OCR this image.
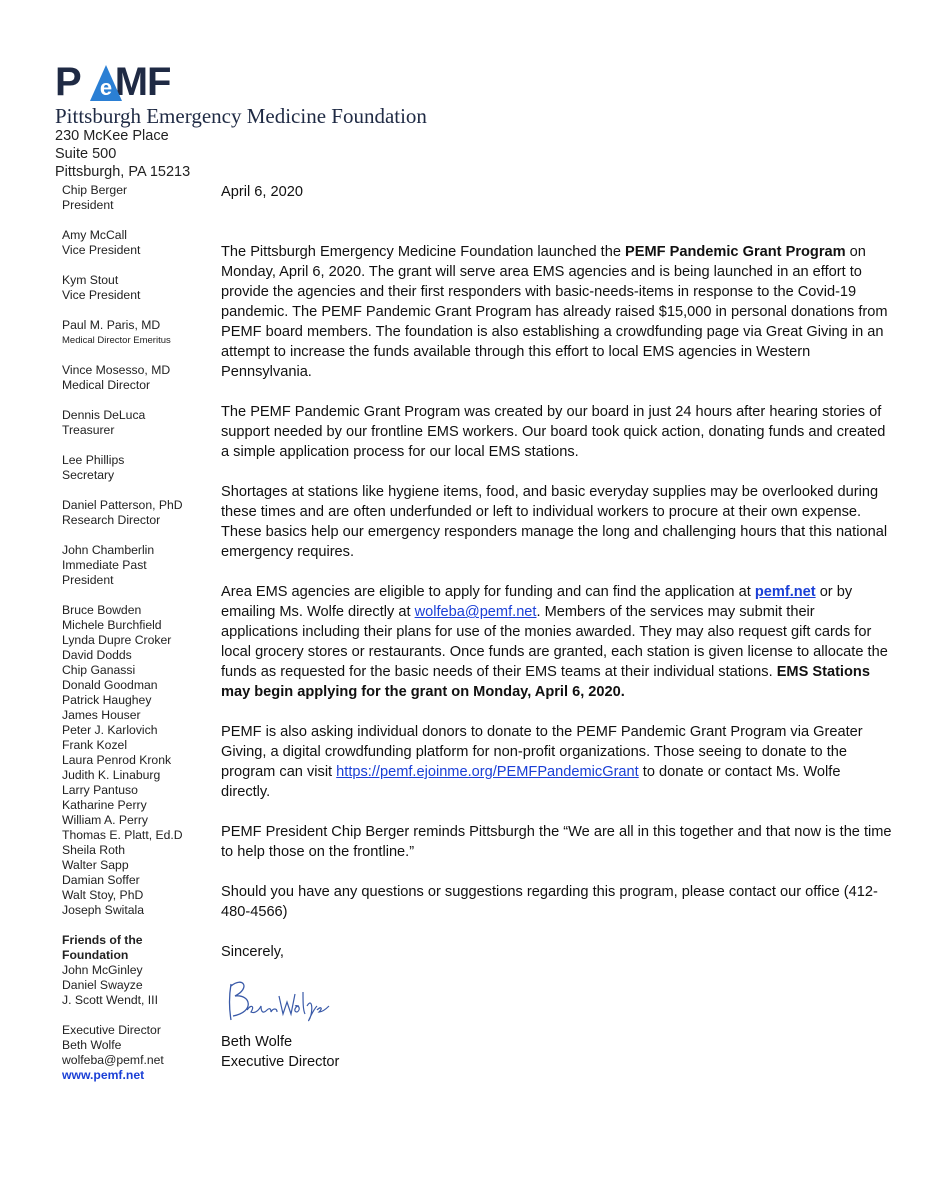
P MF
e
Pittsburgh Emergency Medicine Foundation
230 McKee Place
Suite 500
Pittsburgh, PA 15213
Chip Berger
President
Amy McCall
Vice President
Kym Stout
Vice President
Paul M. Paris, MD
Medical Director Emeritus
Vince Mosesso, MD
Medical Director
Dennis DeLuca
Treasurer
Lee Phillips
Secretary
Daniel Patterson, PhD
Research Director
John Chamberlin
Immediate Past
President
Bruce Bowden
Michele Burchfield
Lynda Dupre Croker
David Dodds
Chip Ganassi
Donald Goodman
Patrick Haughey
James Houser
Peter J. Karlovich
Frank Kozel
Laura Penrod Kronk
Judith K. Linaburg
Larry Pantuso
Katharine Perry
William A. Perry
Thomas E. Platt, Ed.D
Sheila Roth
Walter Sapp
Damian Soffer
Walt Stoy, PhD
Joseph Switala
Friends of the
Foundation
John McGinley
Daniel Swayze
J. Scott Wendt, III
Executive Director
Beth Wolfe
wolfeba@pemf.net
www.pemf.net
April 6, 2020

The Pittsburgh Emergency Medicine Foundation launched the PEMF Pandemic Grant Program on Monday, April 6, 2020. The grant will serve area EMS agencies and is being launched in an effort to provide the agencies and their first responders with basic-needs-items in response to the Covid-19 pandemic. The PEMF Pandemic Grant Program has already raised $15,000 in personal donations from PEMF board members. The foundation is also establishing a crowdfunding page via Great Giving in an attempt to increase the funds available through this effort to local EMS agencies in Western Pennsylvania.

The PEMF Pandemic Grant Program was created by our board in just 24 hours after hearing stories of support needed by our frontline EMS workers. Our board took quick action, donating funds and created a simple application process for our local EMS stations.

Shortages at stations like hygiene items, food, and basic everyday supplies may be overlooked during these times and are often underfunded or left to individual workers to procure at their own expense. These basics help our emergency responders manage the long and challenging hours that this national emergency requires.

Area EMS agencies are eligible to apply for funding and can find the application at pemf.net or by emailing Ms. Wolfe directly at wolfeba@pemf.net. Members of the services may submit their applications including their plans for use of the monies awarded. They may also request gift cards for local grocery stores or restaurants. Once funds are granted, each station is given license to allocate the funds as requested for the basic needs of their EMS teams at their individual stations. EMS Stations may begin applying for the grant on Monday, April 6, 2020.

PEMF is also asking individual donors to donate to the PEMF Pandemic Grant Program via Greater Giving, a digital crowdfunding platform for non-profit organizations. Those seeing to donate to the program can visit https://pemf.ejoinme.org/PEMFPandemicGrant to donate or contact Ms. Wolfe directly.

PEMF President Chip Berger reminds Pittsburgh the “We are all in this together and that now is the time to help those on the frontline.”

Should you have any questions or suggestions regarding this program, please contact our office (412-480-4566)

Sincerely,
Beth Wolfe
Executive Director
